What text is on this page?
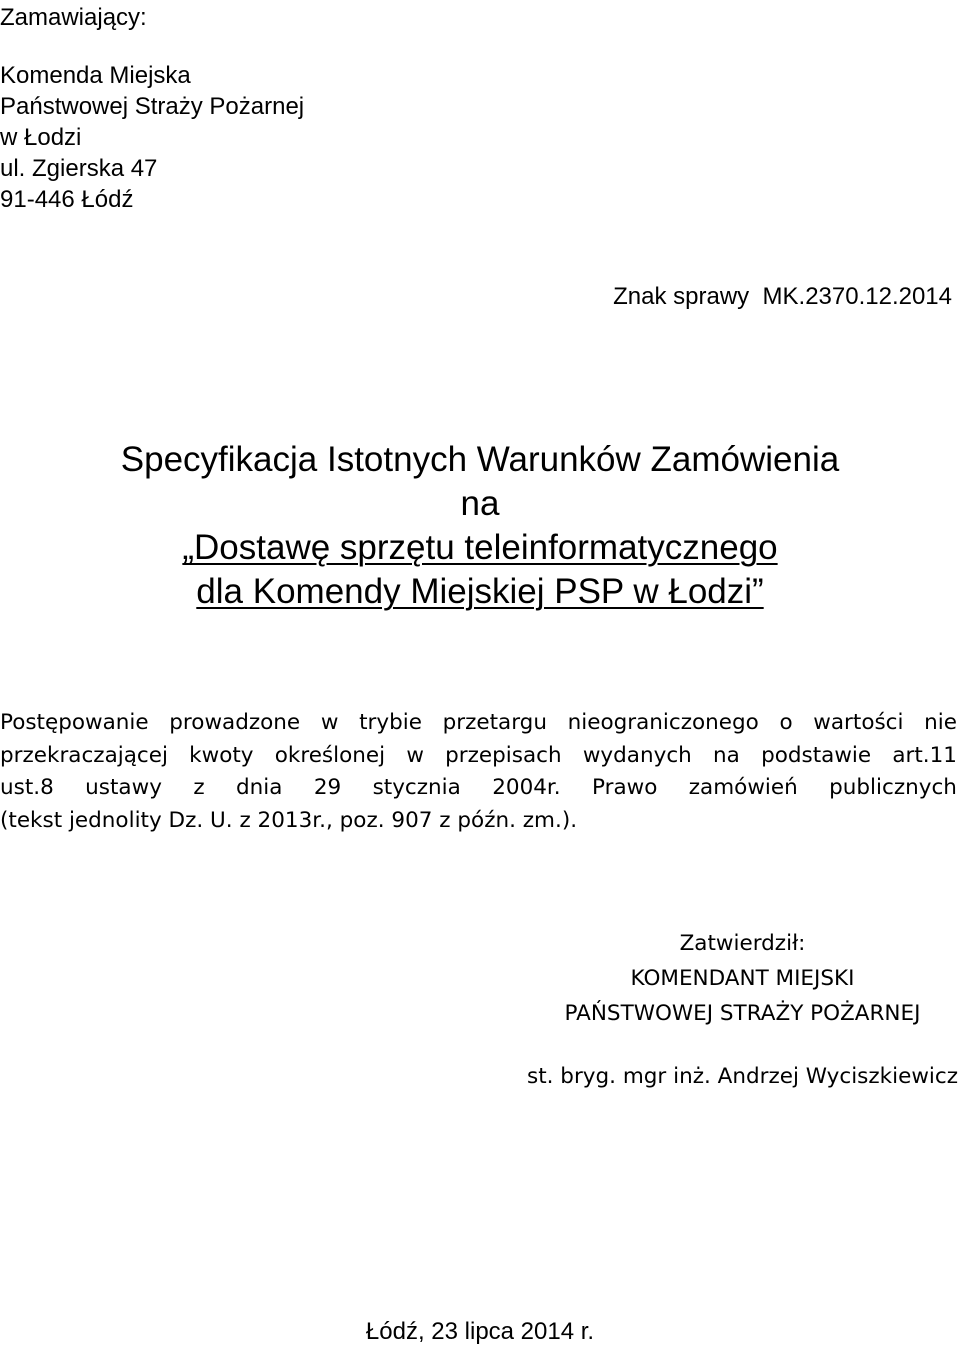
Zamawiający:
Komenda Miejska
Państwowej Straży Pożarnej
w Łodzi
ul. Zgierska 47
91-446 Łódź
Znak sprawy  MK.2370.12.2014
Specyfikacja Istotnych Warunków Zamówienia
na
„Dostawę sprzętu teleinformatycznego
dla Komendy Miejskiej PSP w Łodzi”
Postępowanie prowadzone w trybie przetargu nieograniczonego o wartości nie
przekraczającej kwoty określonej w przepisach wydanych na podstawie art.11
ust.8 ustawy z dnia 29 stycznia 2004r. Prawo zamówień publicznych
(tekst jednolity Dz. U. z 2013r., poz. 907 z późn. zm.).
Zatwierdził:
KOMENDANT MIEJSKI
PAŃSTWOWEJ STRAŻY POŻARNEJ
st. bryg. mgr inż. Andrzej Wyciszkiewicz
Łódź, 23 lipca 2014 r.
